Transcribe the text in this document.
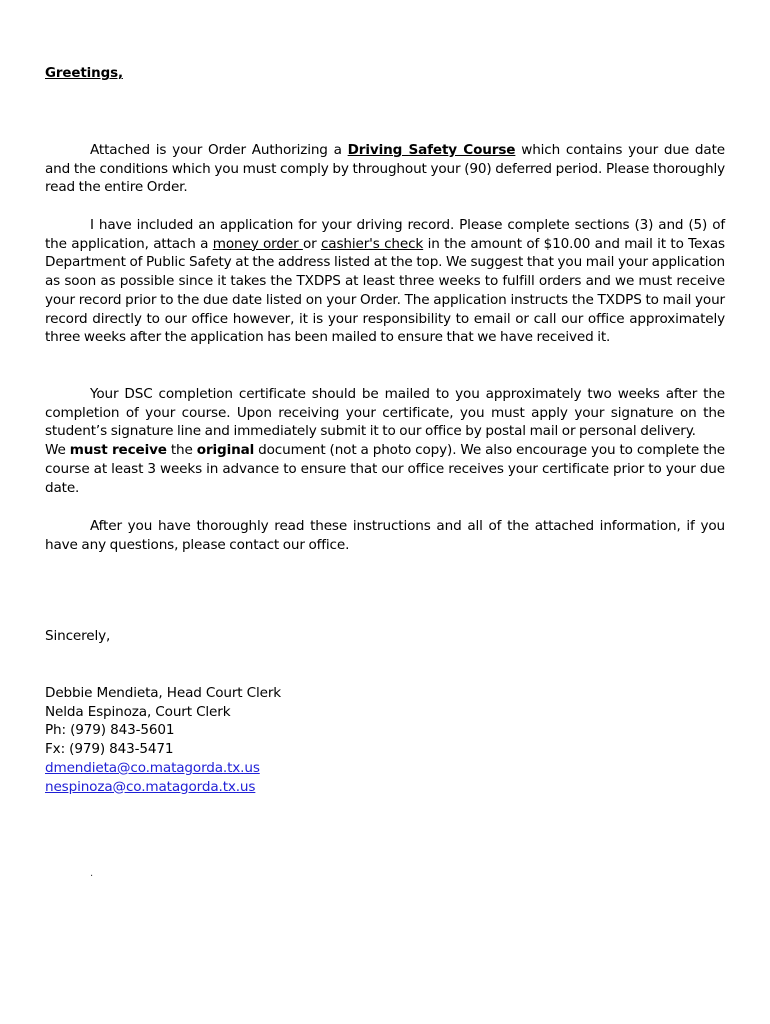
Greetings,

Attached is your Order Authorizing a Driving Safety Course which contains your due date and the conditions which you must comply by throughout your (90) deferred period. Please thoroughly read the entire Order.

I have included an application for your driving record. Please complete sections (3) and (5) of the application, attach a money order or cashier's check in the amount of $10.00 and mail it to Texas Department of Public Safety at the address listed at the top. We suggest that you mail your application as soon as possible since it takes the TXDPS at least three weeks to fulfill orders and we must receive your record prior to the due date listed on your Order. The application instructs the TXDPS to mail your record directly to our office however, it is your responsibility to email or call our office approximately three weeks after the application has been mailed to ensure that we have received it.

Your DSC completion certificate should be mailed to you approximately two weeks after the completion of your course. Upon receiving your certificate, you must apply your signature on the student’s signature line and immediately submit it to our office by postal mail or personal delivery.
We must receive the original document (not a photo copy). We also encourage you to complete the course at least 3 weeks in advance to ensure that our office receives your certificate prior to your due date.

After you have thoroughly read these instructions and all of the attached information, if you have any questions, please contact our office.

Sincerely,
Debbie Mendieta, Head Court Clerk
Nelda Espinoza, Court Clerk
Ph: (979) 843-5601
Fx: (979) 843-5471
dmendieta@co.matagorda.tx.us
nespinoza@co.matagorda.tx.us
.
